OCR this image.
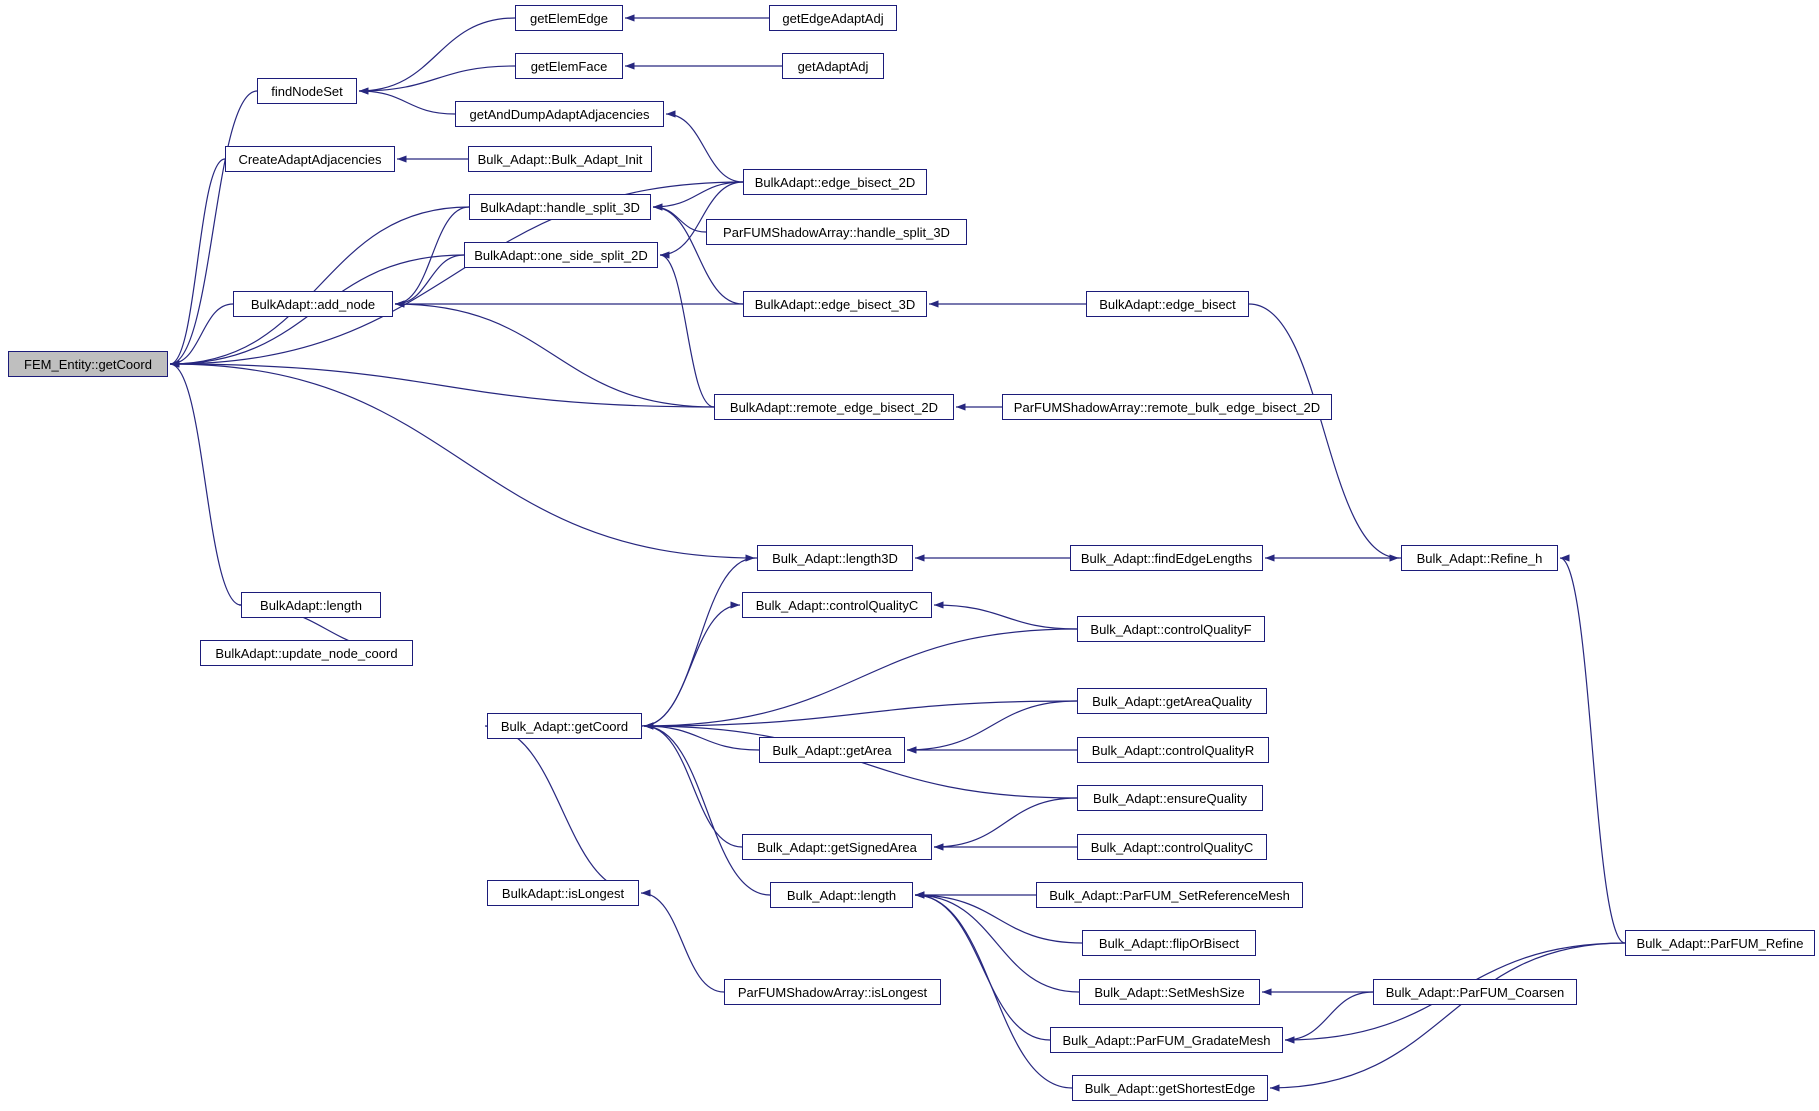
FEM_Entity::getCoord
getElemEdge	getEdgeAdaptAdj
getElemFace	getAdaptAdj
findNodeSet
getAndDumpAdaptAdjacencies
CreateAdaptAdjacencies	Bulk_Adapt::Bulk_Adapt_Init
BulkAdapt::edge_bisect_2D
BulkAdapt::handle_split_3D
ParFUMShadowArray::handle_split_3D
BulkAdapt::one_side_split_2D
BulkAdapt::add_node	BulkAdapt::edge_bisect_3D	BulkAdapt::edge_bisect
BulkAdapt::remote_edge_bisect_2D	ParFUMShadowArray::remote_bulk_edge_bisect_2D
Bulk_Adapt::length3D	Bulk_Adapt::findEdgeLengths	Bulk_Adapt::Refine_h
Bulk_Adapt::controlQualityC
Bulk_Adapt::controlQualityF
BulkAdapt::length
BulkAdapt::update_node_coord
Bulk_Adapt::getAreaQuality
Bulk_Adapt::getCoord
Bulk_Adapt::getArea	Bulk_Adapt::controlQualityR
Bulk_Adapt::ensureQuality
Bulk_Adapt::getSignedArea	Bulk_Adapt::controlQualityC
Bulk_Adapt::length	Bulk_Adapt::ParFUM_SetReferenceMesh
BulkAdapt::isLongest
Bulk_Adapt::flipOrBisect	Bulk_Adapt::ParFUM_Refine
Bulk_Adapt::SetMeshSize	Bulk_Adapt::ParFUM_Coarsen
ParFUMShadowArray::isLongest
Bulk_Adapt::ParFUM_GradateMesh
Bulk_Adapt::getShortestEdge
